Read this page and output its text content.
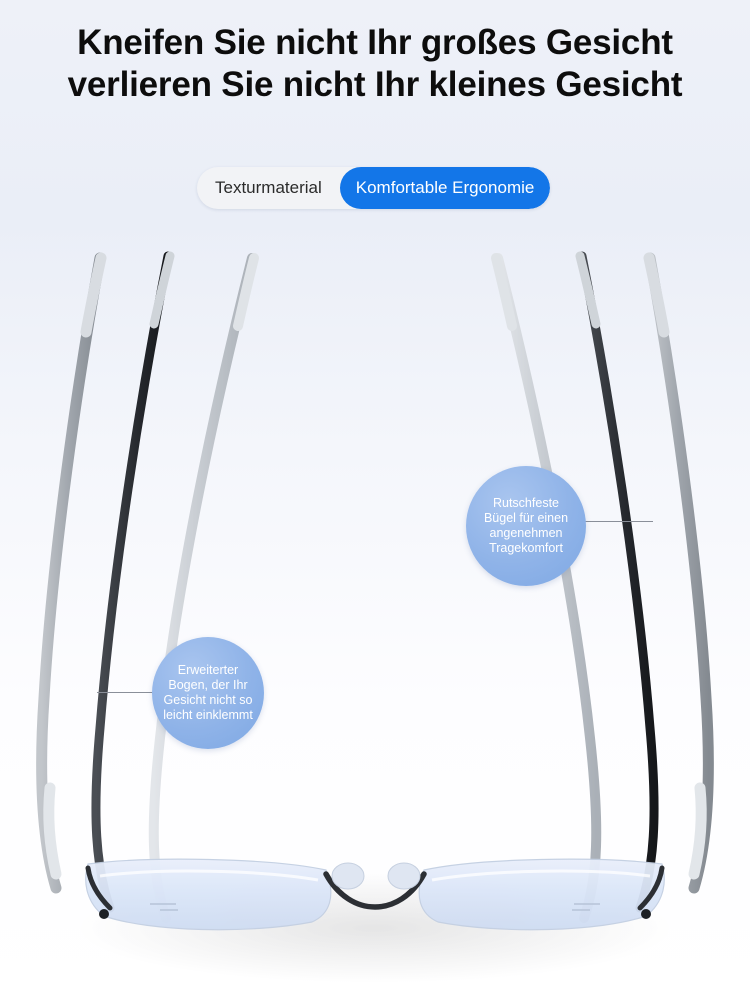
Kneifen Sie nicht Ihr großes Gesicht
verlieren Sie nicht Ihr kleines Gesicht
Texturmaterial Komfortable Ergonomie
Rutschfeste Bügel für einen angenehmen Tragekomfort
Erweiterter Bogen, der Ihr Gesicht nicht so leicht einklemmt
